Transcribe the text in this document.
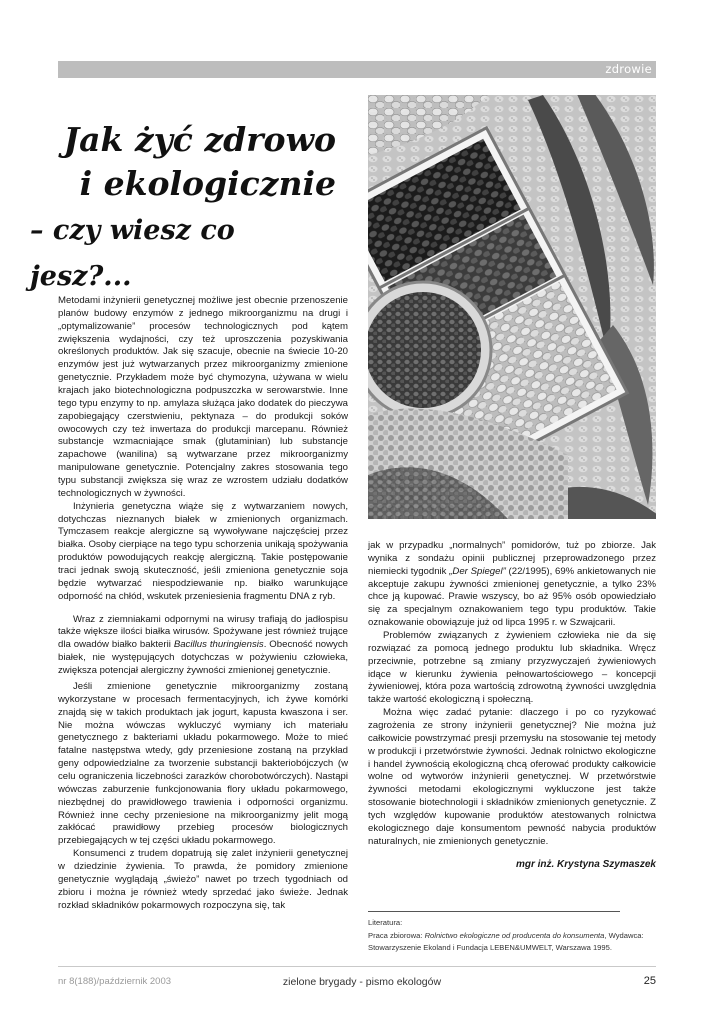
zdrowie
Jak żyć zdrowo
i ekologicznie
– czy wiesz co jesz?...

Metodami inżynierii genetycznej możliwe jest obecnie przenoszenie planów budowy enzymów z jednego mikroorganizmu na drugi i „optymalizowanie” procesów technologicznych pod kątem zwiększenia wydajności, czy też uproszczenia pozyskiwania określonych produktów. Jak się szacuje, obecnie na świecie 10-20 enzymów jest już wytwarzanych przez mikroorganizmy zmienione genetycznie. Przykładem może być chymozyna, używana w wielu krajach jako biotechnologiczna podpuszczka w serowarstwie. Inne tego typu enzymy to np. amylaza służąca jako dodatek do pieczywa zapobiegający czerstwieniu, pektynaza – do produkcji soków owocowych czy też inwertaza do produkcji marcepanu. Również substancje wzmacniające smak (glutaminian) lub substancje zapachowe (wanilina) są wytwarzane przez mikroorganizmy manipulowane genetycznie. Potencjalny zakres stosowania tego typu substancji zwiększa się wraz ze wzrostem udziału dodatków technologicznych w żywności.

Inżynieria genetyczna wiąże się z wytwarzaniem nowych, dotychczas nieznanych białek w zmienionych organizmach. Tymczasem reakcje alergiczne są wywoływane najczęściej przez białka. Osoby cierpiące na tego typu schorzenia unikają spożywania produktów powodujących reakcję alergiczną. Takie postępowanie traci jednak swoją skuteczność, jeśli zmieniona genetycznie soja będzie wytwarzać niespodziewanie np. białko warunkujące odporność na chłód, wskutek przeniesienia fragmentu DNA z ryb.

Wraz z ziemniakami odpornymi na wirusy trafiają do jadłospisu także większe ilości białka wirusów. Spożywane jest również trujące dla owadów białko bakterii Bacillus thuringiensis. Obecność nowych białek, nie występujących dotychczas w pożywieniu człowieka, zwiększa potencjał alergiczny żywności zmienionej genetycznie.

Jeśli zmienione genetycznie mikroorganizmy zostaną wykorzystane w procesach fermentacyjnych, ich żywe komórki znajdą się w takich produktach jak jogurt, kapusta kwaszona i ser. Nie można wówczas wykluczyć wymiany ich materiału genetycznego z bakteriami układu pokarmowego. Może to mieć fatalne następstwa wtedy, gdy przeniesione zostaną na przykład geny odpowiedzialne za tworzenie substancji bakteriobójczych (w celu ograniczenia liczebności zarazków chorobotwórczych). Nastąpi wówczas zaburzenie funkcjonowania flory układu pokarmowego, niezbędnej do prawidłowego trawienia i odporności organizmu. Również inne cechy przeniesione na mikroorganizmy jelit mogą zakłócać prawidłowy przebieg procesów biologicznych przebiegających w tej części układu pokarmowego.

Konsumenci z trudem dopatrują się zalet inżynierii genetycznej w dziedzinie żywienia. To prawda, że pomidory zmienione genetycznie wyglądają „świeżo” nawet po trzech tygodniach od zbioru i można je również wtedy sprzedać jako świeże. Jednak rozkład składników pokarmowych rozpoczyna się, tak

jak w przypadku „normalnych” pomidorów, tuż po zbiorze. Jak wynika z sondażu opinii publicznej przeprowadzonego przez niemiecki tygodnik „Der Spiegel” (22/1995), 69% ankietowanych nie akceptuje zakupu żywności zmienionej genetycznie, a tylko 23% chce ją kupować. Prawie wszyscy, bo aż 95% osób opowiedziało się za specjalnym oznakowaniem tego typu produktów. Takie oznakowanie obowiązuje już od lipca 1995 r. w Szwajcarii.

Problemów związanych z żywieniem człowieka nie da się rozwiązać za pomocą jednego produktu lub składnika. Wręcz przeciwnie, potrzebne są zmiany przyzwyczajeń żywieniowych idące w kierunku żywienia pełnowartościowego – koncepcji żywieniowej, która poza wartością zdrowotną żywności uwzględnia także wartość ekologiczną i społeczną.

Można więc zadać pytanie: dlaczego i po co ryzykować zagrożenia ze strony inżynierii genetycznej? Nie można już całkowicie powstrzymać presji przemysłu na stosowanie tej metody w produkcji i przetwórstwie żywności. Jednak rolnictwo ekologiczne i handel żywnością ekologiczną chcą oferować produkty całkowicie wolne od wytworów inżynierii genetycznej. W przetwórstwie żywności metodami ekologicznymi wykluczone jest także stosowanie biotechnologii i składników zmienionych genetycznie. Z tych względów kupowanie produktów atestowanych rolnictwa ekologicznego daje konsumentom pewność nabycia produktów naturalnych, nie zmienionych genetycznie.

mgr inż. Krystyna Szymaszek

Literatura:

Praca zbiorowa: Rolnictwo ekologiczne od producenta do konsumenta, Wydawca:

Stowarzyszenie Ekoland i Fundacja LEBEN&UMWELT, Warszawa 1995.

nr 8(188)/październik 2003	zielone brygady - pismo ekologów	25
